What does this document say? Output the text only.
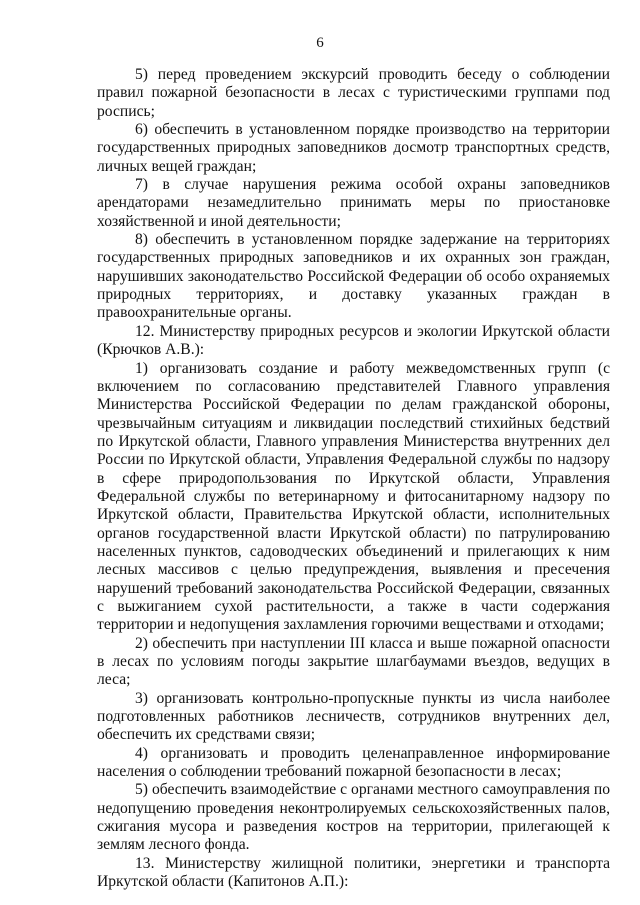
6

5) перед проведением экскурсий проводить беседу о соблюдении правил пожарной безопасности в лесах с туристическими группами под роспись;

6) обеспечить в установленном порядке производство на территории государственных природных заповедников досмотр транспортных средств, личных вещей граждан;

7) в случае нарушения режима особой охраны заповедников арендаторами незамедлительно принимать меры по приостановке хозяйственной и иной деятельности;

8) обеспечить в установленном порядке задержание на территориях государственных природных заповедников и их охранных зон граждан, нарушивших законодательство Российской Федерации об особо охраняемых природных территориях, и доставку указанных граждан в правоохранительные органы.

12. Министерству природных ресурсов и экологии Иркутской области (Крючков А.В.):

1) организовать создание и работу межведомственных групп (с включением по согласованию представителей Главного управления Министерства Российской Федерации по делам гражданской обороны, чрезвычайным ситуациям и ликвидации последствий стихийных бедствий по Иркутской области, Главного управления Министерства внутренних дел России по Иркутской области, Управления Федеральной службы по надзору в сфере природопользования по Иркутской области, Управления Федеральной службы по ветеринарному и фитосанитарному надзору по Иркутской области, Правительства Иркутской области, исполнительных органов государственной власти Иркутской области) по патрулированию населенных пунктов, садоводческих объединений и прилегающих к ним лесных массивов с целью предупреждения, выявления и пресечения нарушений требований законодательства Российской Федерации, связанных с выжиганием сухой растительности, а также в части содержания территории и недопущения захламления горючими веществами и отходами;

2) обеспечить при наступлении III класса и выше пожарной опасности в лесах по условиям погоды закрытие шлагбаумами въездов, ведущих в леса;

3) организовать контрольно-пропускные пункты из числа наиболее подготовленных работников лесничеств, сотрудников внутренних дел, обеспечить их средствами связи;

4) организовать и проводить целенаправленное информирование населения о соблюдении требований пожарной безопасности в лесах;

5) обеспечить взаимодействие с органами местного самоуправления по недопущению проведения неконтролируемых сельскохозяйственных палов, сжигания мусора и разведения костров на территории, прилегающей к землям лесного фонда.

13. Министерству жилищной политики, энергетики и транспорта Иркутской области (Капитонов А.П.):
